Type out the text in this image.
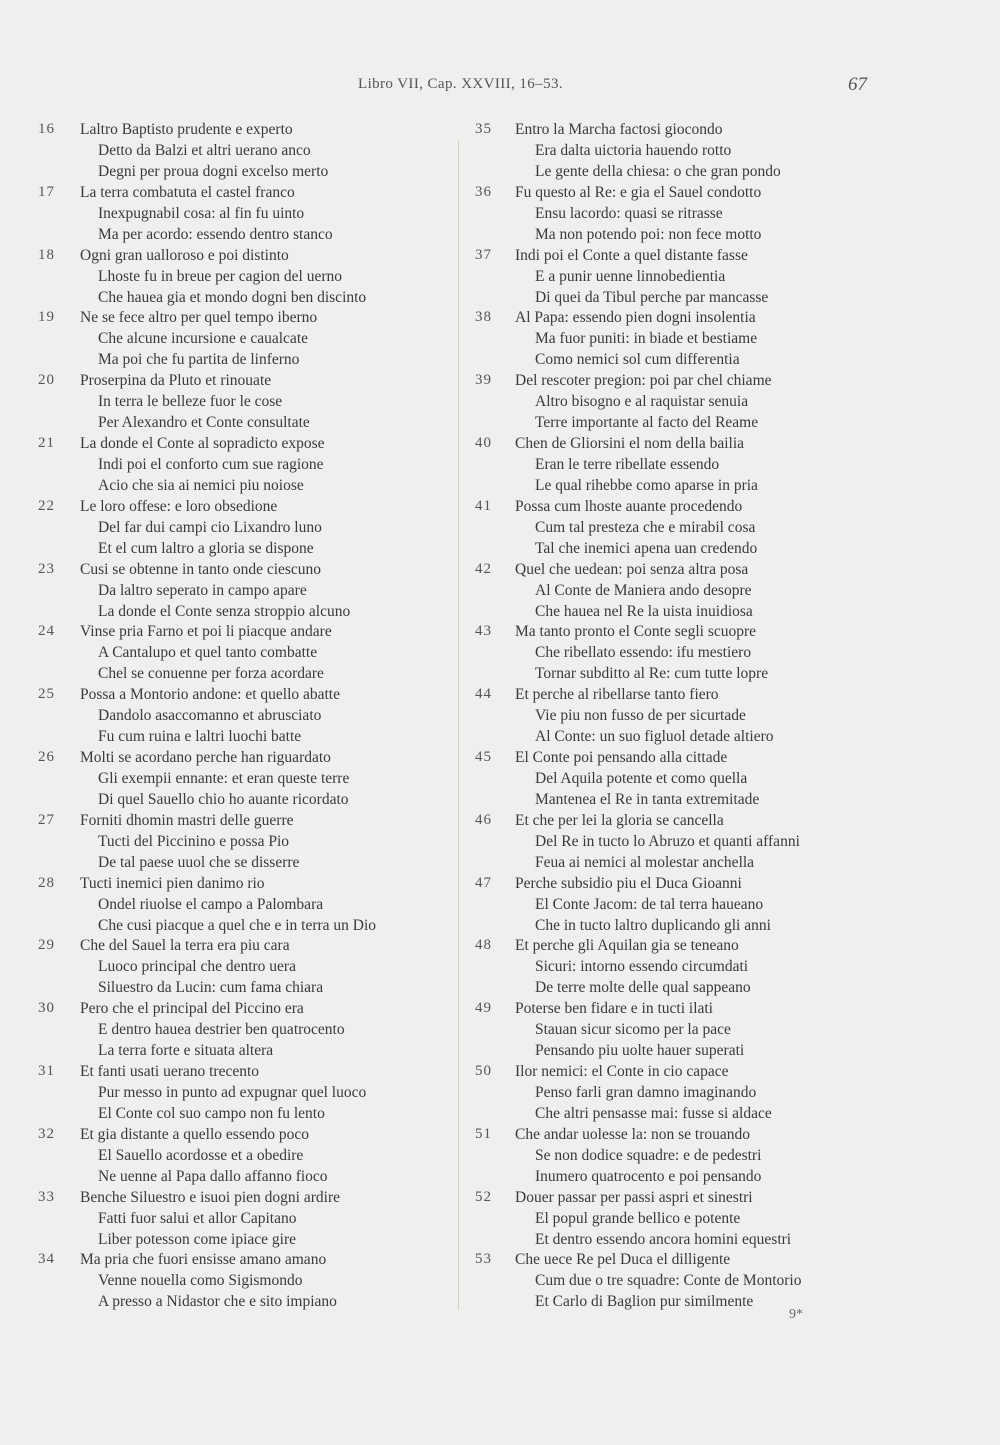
Libro VII, Cap. XXVIII, 16–53.	67
16 Laltro Baptisto prudente e experto
Detto da Balzi et altri uerano anco
Degni per proua dogni excelso merto
17 La terra combatuta el castel franco
Inexpugnabil cosa: al fin fu uinto
Ma per acordo: essendo dentro stanco
18 Ogni gran ualloroso e poi distinto
Lhoste fu in breue per cagion del uerno
Che hauea gia et mondo dogni ben discinto
19 Ne se fece altro per quel tempo iberno
Che alcune incursione e caualcate
Ma poi che fu partita de linferno
20 Proserpina da Pluto et rinouate
In terra le belleze fuor le cose
Per Alexandro et Conte consultate
21 La donde el Conte al sopradicto expose
Indi poi el conforto cum sue ragione
Acio che sia ai nemici piu noiose
22 Le loro offese: e loro obsedione
Del far dui campi cio Lixandro luno
Et el cum laltro a gloria se dispone
23 Cusi se obtenne in tanto onde ciescuno
Da laltro seperato in campo apare
La donde el Conte senza stroppio alcuno
24 Vinse pria Farno et poi li piacque andare
A Cantalupo et quel tanto combatte
Chel se conuenne per forza acordare
25 Possa a Montorio andone: et quello abatte
Dandolo asaccomanno et abrusciato
Fu cum ruina e laltri luochi batte
26 Molti se acordano perche han riguardato
Gli exempii ennante: et eran queste terre
Di quel Sauello chio ho auante ricordato
27 Forniti dhomin mastri delle guerre
Tucti del Piccinino e possa Pio
De tal paese uuol che se disserre
28 Tucti inemici pien danimo rio
Ondel riuolse el campo a Palombara
Che cusi piacque a quel che e in terra un Dio
29 Che del Sauel la terra era piu cara
Luoco principal che dentro uera
Siluestro da Lucin: cum fama chiara
30 Pero che el principal del Piccino era
E dentro hauea destrier ben quatrocento
La terra forte e situata altera
31 Et fanti usati uerano trecento
Pur messo in punto ad expugnar quel luoco
El Conte col suo campo non fu lento
32 Et gia distante a quello essendo poco
El Sauello acordosse et a obedire
Ne uenne al Papa dallo affanno fioco
33 Benche Siluestro e isuoi pien dogni ardire
Fatti fuor salui et allor Capitano
Liber potesson come ipiace gire
34 Ma pria che fuori ensisse amano amano
Venne nouella como Sigismondo
A presso a Nidastor che e sito impiano
35 Entro la Marcha factosi giocondo
Era dalta uictoria hauendo rotto
Le gente della chiesa: o che gran pondo
36 Fu questo al Re: e gia el Sauel condotto
Ensu lacordo: quasi se ritrasse
Ma non potendo poi: non fece motto
37 Indi poi el Conte a quel distante fasse
E a punir uenne linnobedientia
Di quei da Tibul perche par mancasse
38 Al Papa: essendo pien dogni insolentia
Ma fuor puniti: in biade et bestiame
Como nemici sol cum differentia
39 Del rescoter pregion: poi par chel chiame
Altro bisogno e al raquistar senuia
Terre importante al facto del Reame
40 Chen de Gliorsini el nom della bailia
Eran le terre ribellate essendo
Le qual rihebbe como aparse in pria
41 Possa cum lhoste auante procedendo
Cum tal presteza che e mirabil cosa
Tal che inemici apena uan credendo
42 Quel che uedean: poi senza altra posa
Al Conte de Maniera ando desopre
Che hauea nel Re la uista inuidiosa
43 Ma tanto pronto el Conte segli scuopre
Che ribellato essendo: ifu mestiero
Tornar subditto al Re: cum tutte lopre
44 Et perche al ribellarse tanto fiero
Vie piu non fusso de per sicurtade
Al Conte: un suo figluol detade altiero
45 El Conte poi pensando alla cittade
Del Aquila potente et como quella
Mantenea el Re in tanta extremitade
46 Et che per lei la gloria se cancella
Del Re in tucto lo Abruzo et quanti affanni
Feua ai nemici al molestar anchella
47 Perche subsidio piu el Duca Gioanni
El Conte Jacom: de tal terra haueano
Che in tucto laltro duplicando gli anni
48 Et perche gli Aquilan gia se teneano
Sicuri: intorno essendo circumdati
De terre molte delle qual sappeano
49 Poterse ben fidare e in tucti ilati
Stauan sicur sicomo per la pace
Pensando piu uolte hauer superati
50 Ilor nemici: el Conte in cio capace
Penso farli gran damno imaginando
Che altri pensasse mai: fusse si aldace
51 Che andar uolesse la: non se trouando
Se non dodice squadre: e de pedestri
Inumero quatrocento e poi pensando
52 Douer passar per passi aspri et sinestri
El popul grande bellico e potente
Et dentro essendo ancora homini equestri
53 Che uece Re pel Duca el dilligente
Cum due o tre squadre: Conte de Montorio
Et Carlo di Baglion pur similmente
9*
